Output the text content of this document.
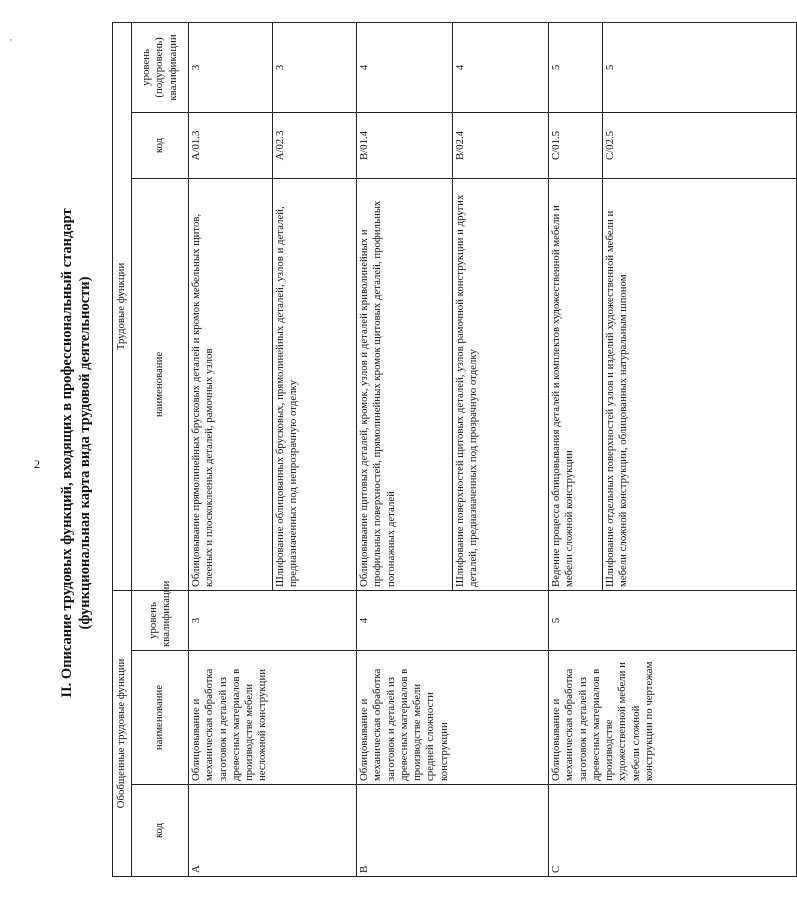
'
2 II. Описание трудовых функций, входящих в профессиональный стандарт (функциональная карта вида трудовой деятельности)
Обобщенные трудовые функции			Трудовые функции		
код	наименование	уровень квалификации	наименование	код	уровень (подуровень) квалификации
A	Облицовывание и механическая обработка заготовок и деталей из древесных материалов в производстве мебели несложной конструкции	3	Облицовывание прямолинейных брусковых деталей и кромок мебельных щитов, клееных и плоскоклееных деталей, рамочных узлов	A/01.3	3
			Шлифование облицованных брусковых, прямолинейных деталей, узлов и деталей, предназначенных под непрозрачную отделку	A/02.3	3
B	Облицовывание и механическая обработка заготовок и деталей из древесных материалов в производстве мебели средней сложности конструкции	4	Облицовывание щитовых деталей, кромок, узлов и деталей криволинейных и профильных поверхностей, прямолинейных кромок щитовых деталей, профильных погонажных деталей	B/01.4	4
			Шлифование поверхностей щитовых деталей, узлов рамочной конструкции и других деталей, предназначенных под прозрачную отделку	B/02.4	4
C	Облицовывание и механическая обработка заготовок и деталей из древесных материалов в производстве художественной мебели и мебели сложной конструкции по чертежам	5	Ведение процесса облицовывания деталей и комплектов художественной мебели и мебели сложной конструкции	C/01.5	5
			Шлифование отдельных поверхностей узлов и изделий художественной мебели и мебели сложной конструкции, облицованных натуральным шпоном	C/02.5	5
